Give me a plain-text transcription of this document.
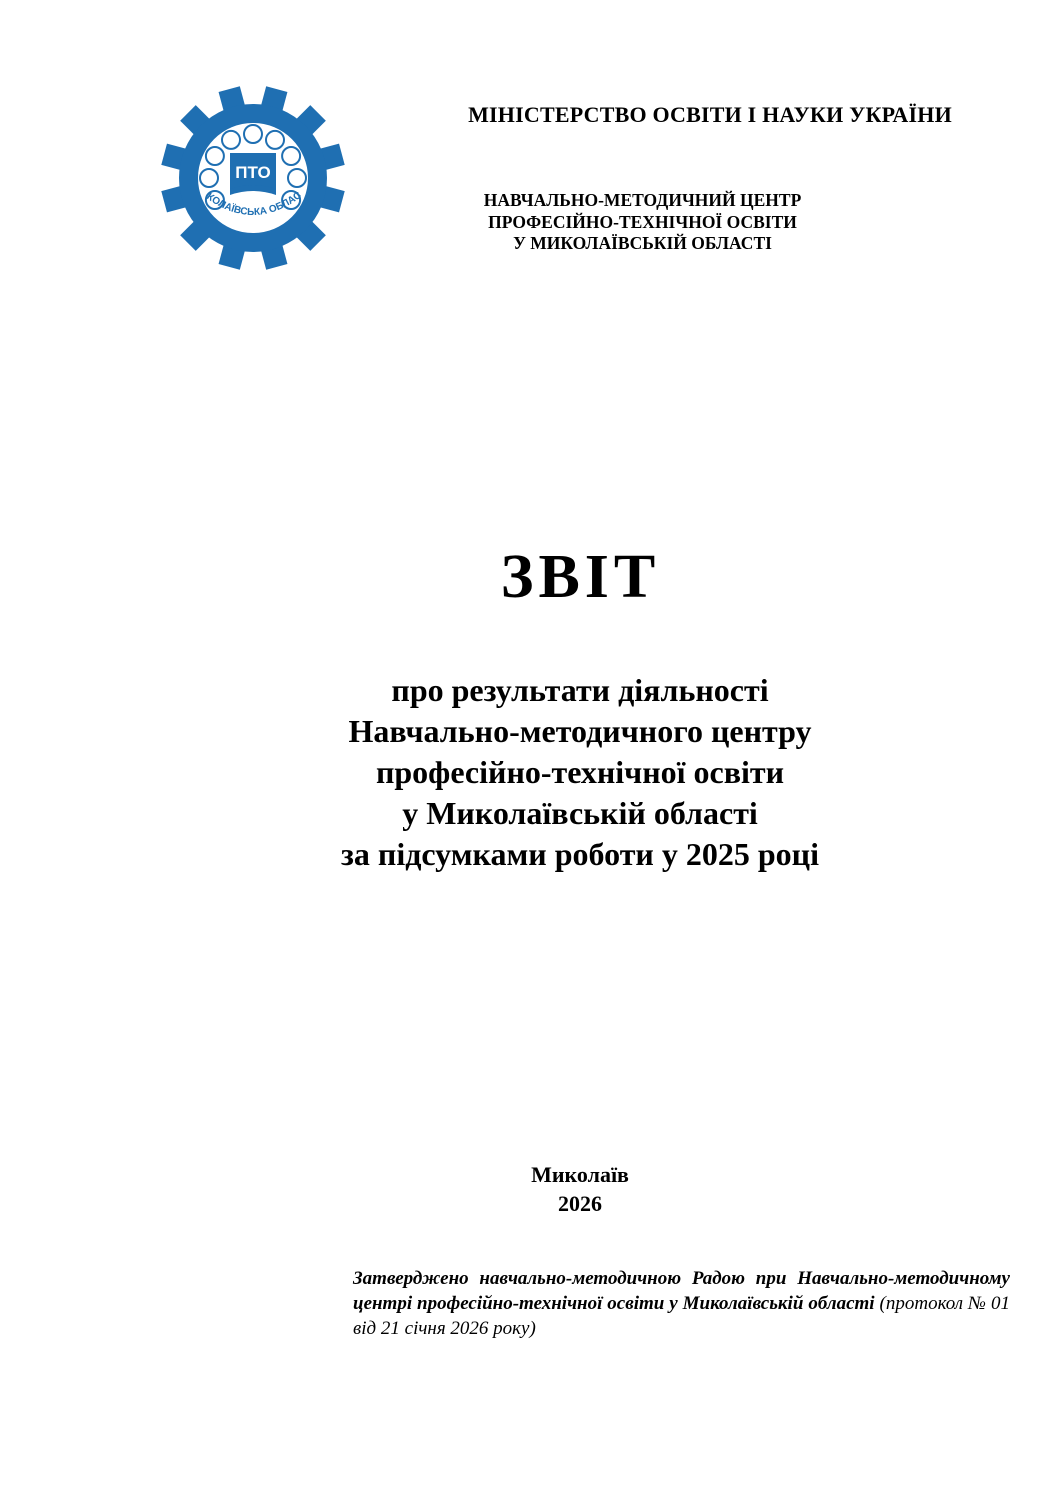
ПТО
КОЛАЇВСЬКА ОБЛАС
МІНІСТЕРСТВО ОСВІТИ І НАУКИ УКРАЇНИ
НАВЧАЛЬНО-МЕТОДИЧНИЙ ЦЕНТР
ПРОФЕСІЙНО-ТЕХНІЧНОЇ ОСВІТИ
У МИКОЛАЇВСЬКІЙ ОБЛАСТІ
ЗВІТ
про результати діяльності
Навчально-методичного центру
професійно-технічної освіти
у Миколаївській області
за підсумками роботи у 2025 році
Миколаїв
2026
Затверджено навчально-методичною Радою при Навчально-методичному центрі професійно-технічної освіти у Миколаївській області (протокол № 01 від 21 січня 2026 року)
